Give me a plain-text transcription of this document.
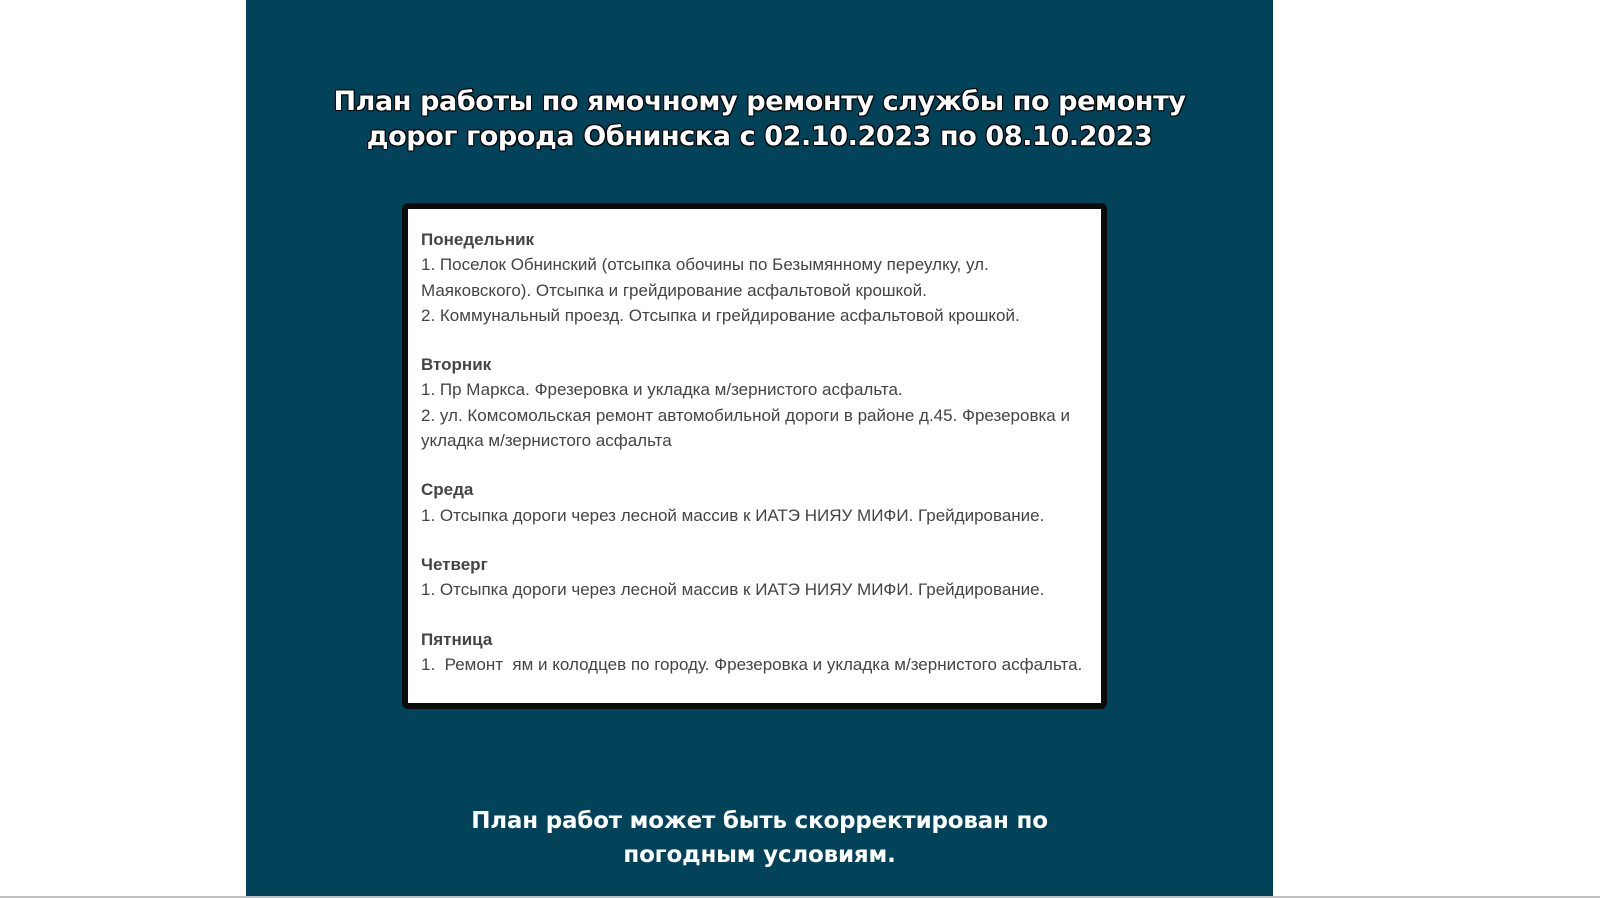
План работы по ямочному ремонту службы по ремонту
дорог города Обнинска с 02.10.2023 по 08.10.2023
Понедельник
1. Поселок Обнинский (отсыпка обочины по Безымянному переулку, ул. Маяковского). Отсыпка и грейдирование асфальтовой крошкой.
2. Коммунальный проезд. Отсыпка и грейдирование асфальтовой крошкой.
Вторник
1. Пр Маркса. Фрезеровка и укладка м/зернистого асфальта.
2. ул. Комсомольская ремонт автомобильной дороги в районе д.45. Фрезеровка и укладка м/зернистого асфальта
Среда
1. Отсыпка дороги через лесной массив к ИАТЭ НИЯУ МИФИ. Грейдирование.
Четверг
1. Отсыпка дороги через лесной массив к ИАТЭ НИЯУ МИФИ. Грейдирование.
Пятница
1.  Ремонт  ям и колодцев по городу. Фрезеровка и укладка м/зернистого асфальта.
План работ может быть скорректирован по
погодным условиям.
